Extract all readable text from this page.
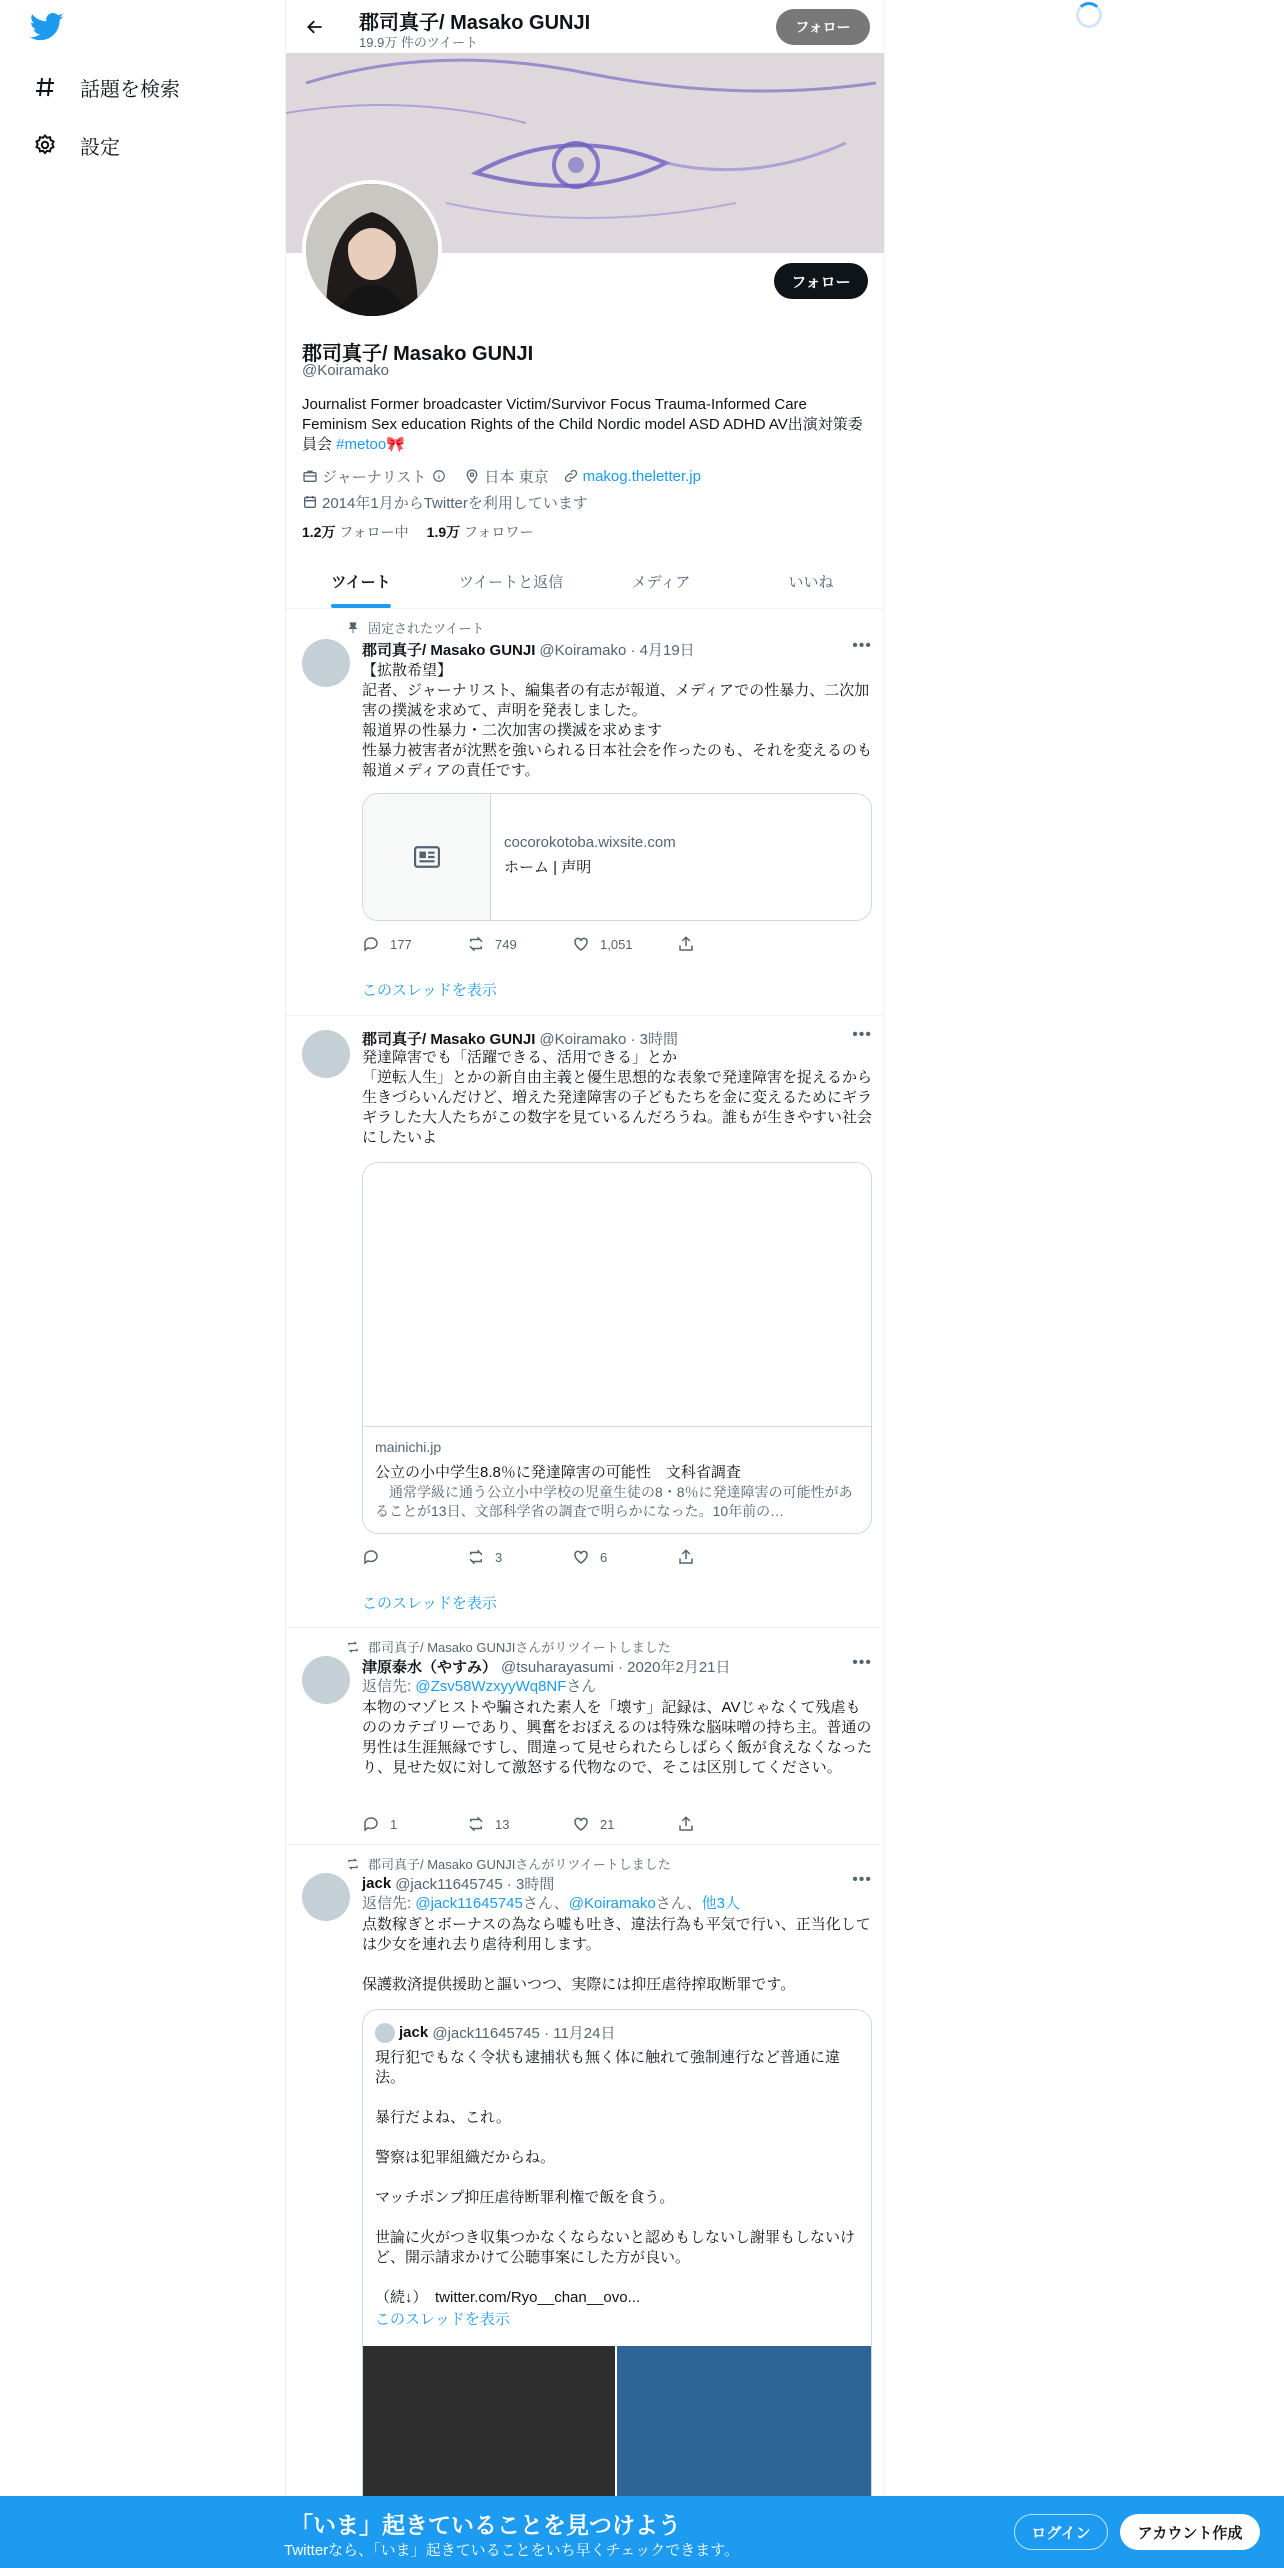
話題を検索
設定
郡司真子/ Masako GUNJI
19.9万 件のツイート
フォロー
フォロー
郡司真子/ Masako GUNJI
@Koiramako
Journalist Former broadcaster Victim/Survivor Focus Trauma-Informed Care Feminism Sex education Rights of the Child Nordic model ASD ADHD AV出演対策委員会 #metoo🎀
ジャーナリスト	日本 東京 makog.theletter.jp
2014年1月からTwitterを利用しています
1.2万 フォロー中 1.9万 フォロワー
ツイート	ツイートと返信	メディア	いいね
固定されたツイート
郡司真子/ Masako GUNJI @Koiramako · 4月19日	•••
【拡散希望】
記者、ジャーナリスト、編集者の有志が報道、メディアでの性暴力、二次加害の撲滅を求めて、声明を発表しました。
報道界の性暴力・二次加害の撲滅を求めます
性暴力被害者が沈黙を強いられる日本社会を作ったのも、それを変えるのも報道メディアの責任です。
cocorokotoba.wixsite.com
ホーム | 声明
177	749	1,051
このスレッドを表示
郡司真子/ Masako GUNJI @Koiramako · 3時間	•••
発達障害でも「活躍できる、活用できる」とか
「逆転人生」とかの新自由主義と優生思想的な表象で発達障害を捉えるから生きづらいんだけど、増えた発達障害の子どもたちを金に変えるためにギラギラした大人たちがこの数字を見ているんだろうね。誰もが生きやすい社会にしたいよ
mainichi.jp
公立の小中学生8.8％に発達障害の可能性　文科省調査
　通常学級に通う公立小中学校の児童生徒の8・8％に発達障害の可能性があることが13日、文部科学省の調査で明らかになった。10年前の…
3	6
このスレッドを表示
郡司真子/ Masako GUNJIさんがリツイートしました
津原泰水（やすみ） @tsuharayasumi · 2020年2月21日	•••
返信先: @Zsv58WzxyyWq8NFさん
本物のマゾヒストや騙された素人を「壊す」記録は、AVじゃなくて残虐もののカテゴリーであり、興奮をおぼえるのは特殊な脳味噌の持ち主。普通の男性は生涯無縁ですし、間違って見せられたらしばらく飯が食えなくなったり、見せた奴に対して激怒する代物なので、そこは区別してください。
1	13	21
郡司真子/ Masako GUNJIさんがリツイートしました
jack @jack11645745 · 3時間	•••
返信先: @jack11645745さん、@Koiramakoさん、他3人
点数稼ぎとボーナスの為なら嘘も吐き、違法行為も平気で行い、正当化しては少女を連れ去り虐待利用します。

保護救済提供援助と謳いつつ、実際には抑圧虐待搾取断罪です。
jack
@jack11645745 · 11月24日
現行犯でもなく令状も逮捕状も無く体に触れて強制連行など普通に違法。

暴行だよね、これ。

警察は犯罪組織だからね。

マッチポンプ抑圧虐待断罪利権で飯を食う。

世論に火がつき収集つかなくならないと認めもしないし謝罪もしないけど、開示請求かけて公聴事案にした方が良い。

（続↓）　twitter.com/Ryo__chan__ovo...
このスレッドを表示
「いま」起きていることを見つけよう
Twitterなら、「いま」起きていることをいち早くチェックできます。
ログイン	アカウント作成
